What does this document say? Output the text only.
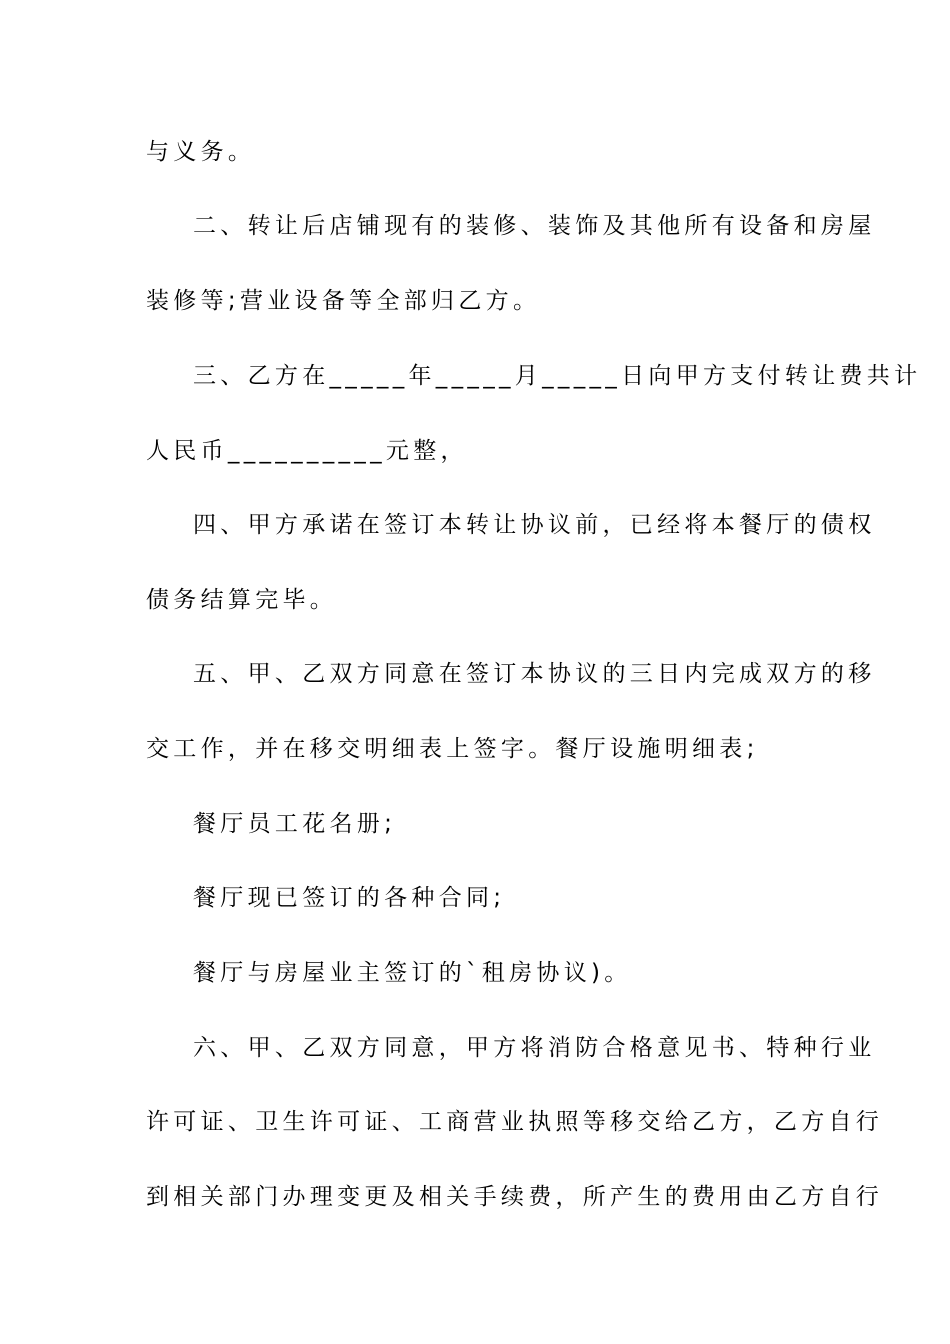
与义务。
二、转让后店铺现有的装修、装饰及其他所有设备和房屋
装修等;营业设备等全部归乙方。
三、乙方在_____年_____月_____日向甲方支付转让费共计
人民币__________元整，
四、甲方承诺在签订本转让协议前，已经将本餐厅的债权
债务结算完毕。
五、甲、乙双方同意在签订本协议的三日内完成双方的移
交工作，并在移交明细表上签字。餐厅设施明细表;
餐厅员工花名册;
餐厅现已签订的各种合同;
餐厅与房屋业主签订的`租房协议)。
六、甲、乙双方同意，甲方将消防合格意见书、特种行业
许可证、卫生许可证、工商营业执照等移交给乙方，乙方自行
到相关部门办理变更及相关手续费，所产生的费用由乙方自行
